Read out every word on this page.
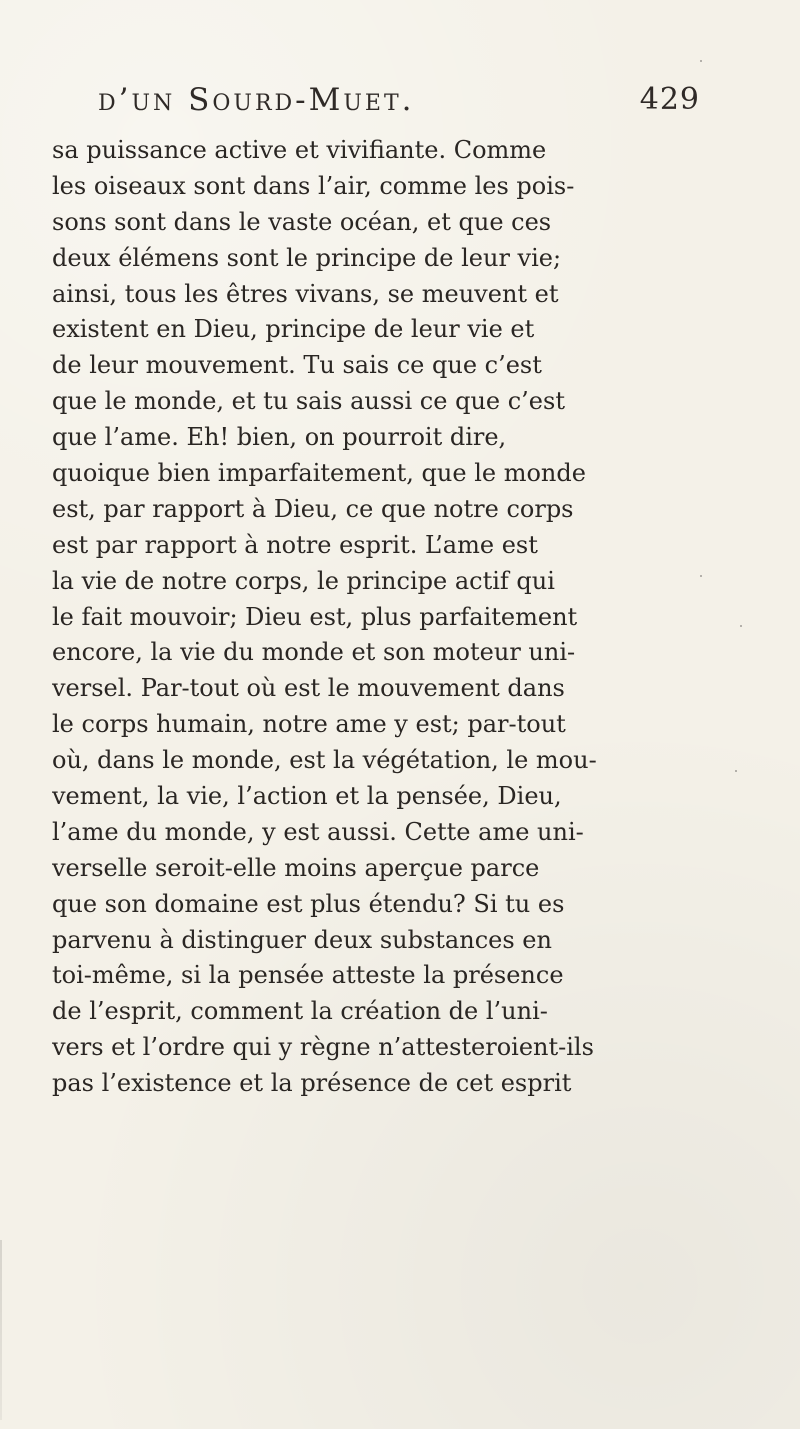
d’un Sourd-Muet.	429
sa puissance active et vivifiante. Comme
les oiseaux sont dans l’air, comme les pois-
sons sont dans le vaste océan, et que ces
deux élémens sont le principe de leur vie;
ainsi, tous les êtres vivans, se meuvent et
existent en Dieu, principe de leur vie et
de leur mouvement. Tu sais ce que c’est
que le monde, et tu sais aussi ce que c’est
que l’ame. Eh! bien, on pourroit dire,
quoique bien imparfaitement, que le monde
est, par rapport à Dieu, ce que notre corps
est par rapport à notre esprit. L’ame est
la vie de notre corps, le principe actif qui
le fait mouvoir; Dieu est, plus parfaitement
encore, la vie du monde et son moteur uni-
versel. Par-tout où est le mouvement dans
le corps humain, notre ame y est; par-tout
où, dans le monde, est la végétation, le mou-
vement, la vie, l’action et la pensée, Dieu,
l’ame du monde, y est aussi. Cette ame uni-
verselle seroit-elle moins aperçue parce
que son domaine est plus étendu? Si tu es
parvenu à distinguer deux substances en
toi-même, si la pensée atteste la présence
de l’esprit, comment la création de l’uni-
vers et l’ordre qui y règne n’attesteroient-ils
pas l’existence et la présence de cet esprit
